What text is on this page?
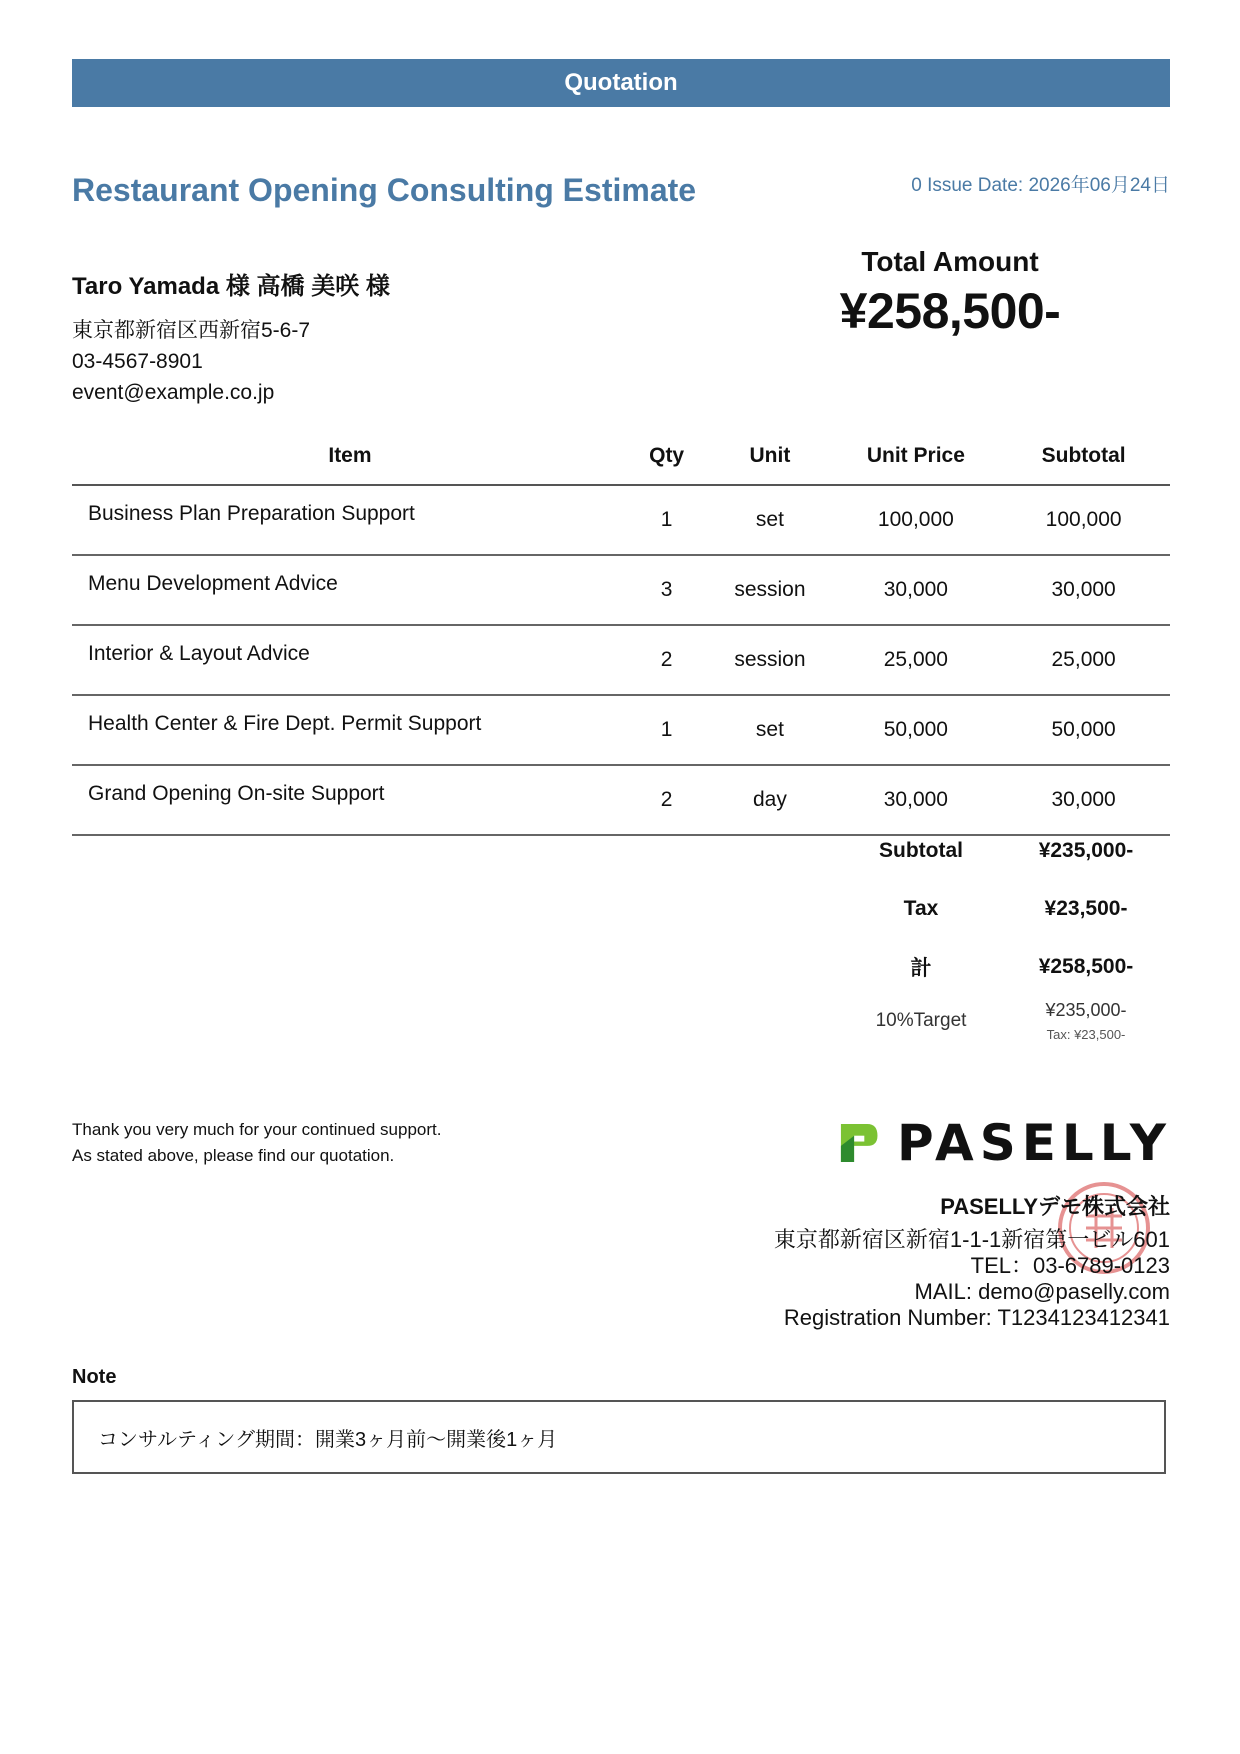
Quotation
Restaurant Opening Consulting Estimate	0 Issue Date: 2026年06月24日
Taro Yamada 様 高橋 美咲 様
東京都新宿区西新宿5-6-7
03-4567-8901
event@example.co.jp
Total Amount
¥258,500-
Item	Qty	Unit	Unit Price	Subtotal
Business Plan Preparation Support	1	set	100,000	100,000
Menu Development Advice	3	session	30,000	30,000
Interior & Layout Advice	2	session	25,000	25,000
Health Center & Fire Dept. Permit Support	1	set	50,000	50,000
Grand Opening On-site Support	2	day	30,000	30,000
Subtotal	¥235,000-
Tax	¥23,500-
計	¥258,500-
10%Target	¥235,000-
Tax: ¥23,500-
Thank you very much for your continued support.
As stated above, please find our quotation.	PASELLY
PASELLYデモ株式会社
東京都新宿区新宿1-1-1新宿第一ビル601
TEL：03-6789-0123
MAIL: demo@paselly.com
Registration Number: T1234123412341
Note
コンサルティング期間：開業3ヶ月前〜開業後1ヶ月
